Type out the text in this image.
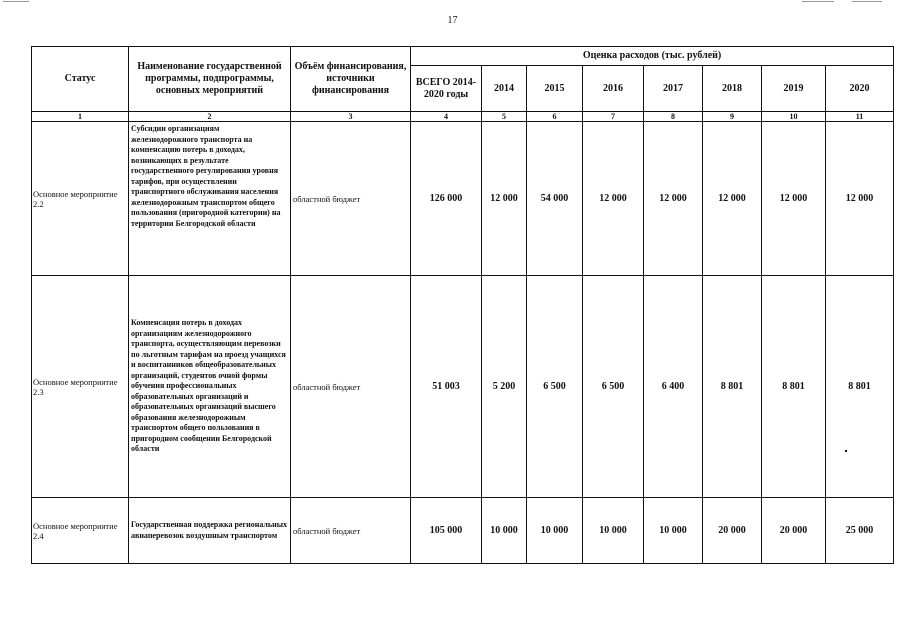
17
Статус	Наименование государственной программы, подпрограммы, основных мероприятий	Объём финансирования, источники финансирования	Оценка расходов (тыс. рублей)							
			ВСЕГО 2014-2020 годы	2014	2015	2016	2017	2018	2019	2020
1	2	3	4	5	6	7	8	9	10	11
Основное мероприятие 2.2	Субсидии организациям железнодорожного транспорта на компенсацию потерь в доходах, возникающих в результате государственного регулирования уровня тарифов, при осуществлении транспортного обслуживания населения железнодорожным транспортом общего пользования (пригородной категории) на территории Белгородской области	областной бюджет	126 000	12 000	54 000	12 000	12 000	12 000	12 000	12 000
Основное мероприятие 2.3	Компенсация потерь в доходах организациям железнодорожного транспорта, осуществляющим перевозки по льготным тарифам на проезд учащихся и воспитанников общеобразовательных организаций, студентов очной формы обучения профессиональных образовательных организаций и образовательных организаций высшего образования железнодорожным транспортом общего пользования в пригородном сообщении Белгородской области	областной бюджет	51 003	5 200	6 500	6 500	6 400	8 801	8 801	8 801
Основное мероприятие 2.4	Государственная поддержка региональных авиаперевозок воздушным транспортом	областной бюджет	105 000	10 000	10 000	10 000	10 000	20 000	20 000	25 000
